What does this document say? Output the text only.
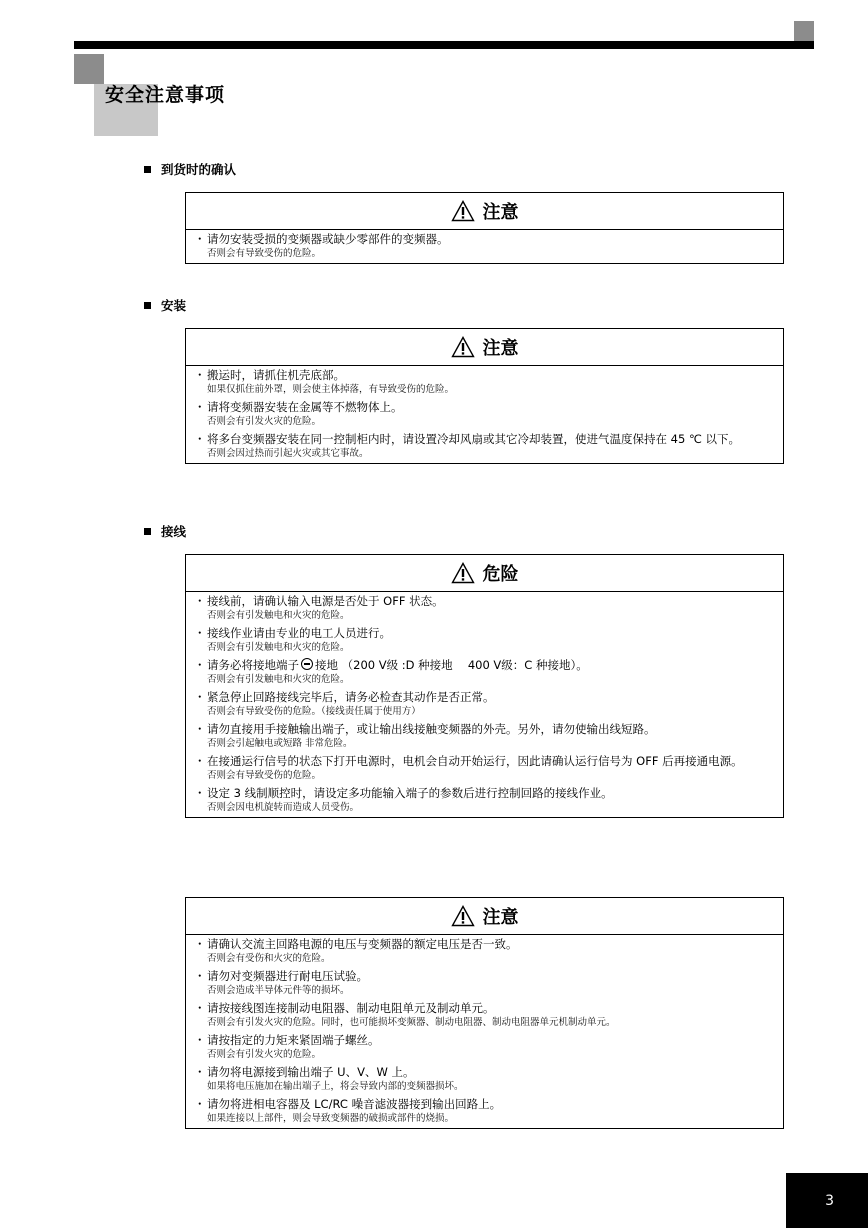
安全注意事项
到货时的确认
注意
・ 请勿安装受损的变频器或缺少零部件的变频器。
否则会有导致受伤的危险。
安装
注意
・ 搬运时，请抓住机壳底部。
如果仅抓住前外罩，则会使主体掉落，有导致受伤的危险。
・ 请将变频器安装在金属等不燃物体上。
否则会有引发火灾的危险。
・ 将多台变频器安装在同一控制柜内时，请设置冷却风扇或其它冷却装置，使进气温度保持在 45 ℃ 以下。
否则会因过热而引起火灾或其它事故。
接线
危险
・ 接线前，请确认输入电源是否处于 OFF 状态。
否则会有引发触电和火灾的危险。
・ 接线作业请由专业的电工人员进行。
否则会有引发触电和火灾的危险。
・ 请务必将接地端子 接地 （200 V级 :D 种接地　 400 V级：C 种接地）。
否则会有引发触电和火灾的危险。
・ 紧急停止回路接线完毕后，请务必检查其动作是否正常。
否则会有导致受伤的危险。（接线责任属于使用方）
・ 请勿直接用手接触输出端子，或让输出线接触变频器的外壳。另外，请勿使输出线短路。
否则会引起触电或短路 非常危险。
・ 在接通运行信号的状态下打开电源时，电机会自动开始运行，因此请确认运行信号为 OFF 后再接通电源。
否则会有导致受伤的危险。
・ 设定 3 线制顺控时，请设定多功能输入端子的参数后进行控制回路的接线作业。
否则会因电机旋转而造成人员受伤。
注意
・ 请确认交流主回路电源的电压与变频器的额定电压是否一致。
否则会有受伤和火灾的危险。
・ 请勿对变频器进行耐电压试验。
否则会造成半导体元件等的损坏。
・ 请按接线图连接制动电阻器、制动电阻单元及制动单元。
否则会有引发火灾的危险。同时，也可能损坏变频器、制动电阻器、制动电阻器单元机制动单元。
・ 请按指定的力矩来紧固端子螺丝。
否则会有引发火灾的危险。
・ 请勿将电源接到输出端子 U、V、W 上。
如果将电压施加在输出端子上，将会导致内部的变频器损坏。
・ 请勿将进相电容器及 LC/RC 噪音滤波器接到输出回路上。
如果连接以上部件，则会导致变频器的破损或部件的烧损。
3
